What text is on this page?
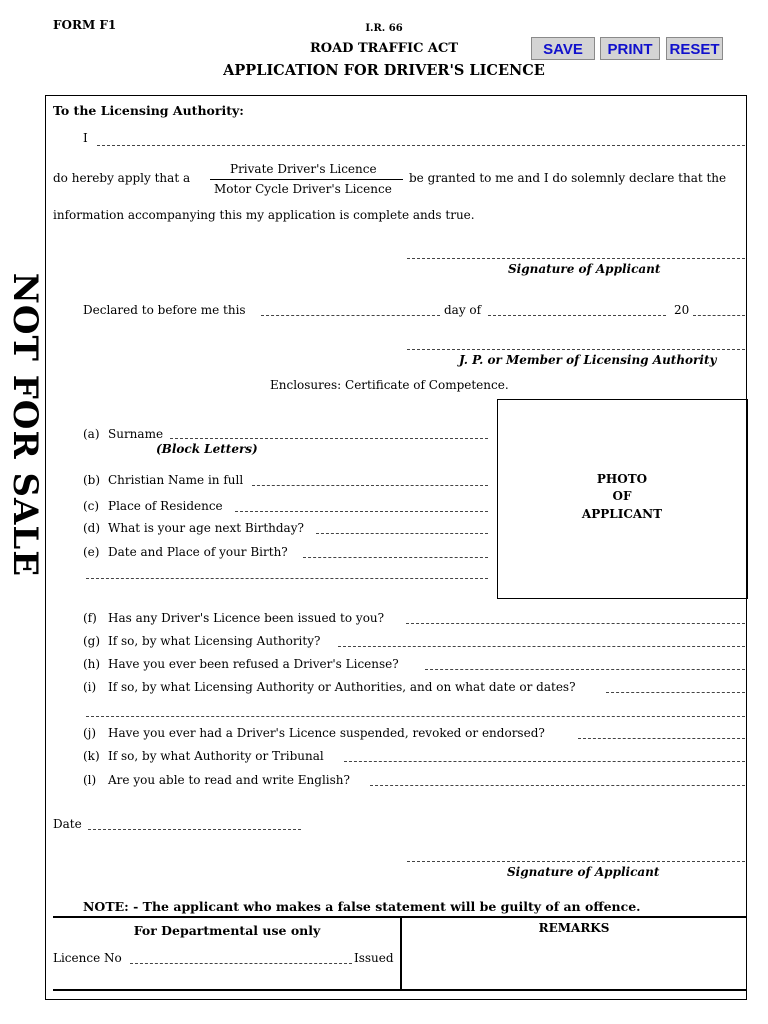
FORM F1	I.R. 66
ROAD TRAFFIC ACT
APPLICATION FOR DRIVER'S LICENCE
SAVE	PRINT	RESET
NOT FOR SALE
To the Licensing Authority:
I
do hereby apply that a
Private Driver's Licence
Motor Cycle Driver's Licence
be granted to me and I do solemnly declare that the
information accompanying this my application is complete ands true.
Signature of Applicant
Declared to before me this	day of	20
J. P. or Member of Licensing Authority
Enclosures: Certificate of Competence.
PHOTO
OF
APPLICANT
(a) Surname
(Block Letters)
(b) Christian Name in full
(c) Place of Residence
(d) What is your age next Birthday?
(e) Date and Place of your Birth?
(f) Has any Driver's Licence been issued to you?
(g) If so, by what Licensing Authority?
(h) Have you ever been refused a Driver's License?
(i) If so, by what Licensing Authority or Authorities, and on what date or dates?
(j) Have you ever had a Driver's Licence suspended, revoked or endorsed?
(k) If so, by what Authority or Tribunal
(l) Are you able to read and write English?
Date
Signature of Applicant
NOTE: - The applicant who makes a false statement will be guilty of an offence.
For Departmental use only	REMARKS
Licence No	Issued
